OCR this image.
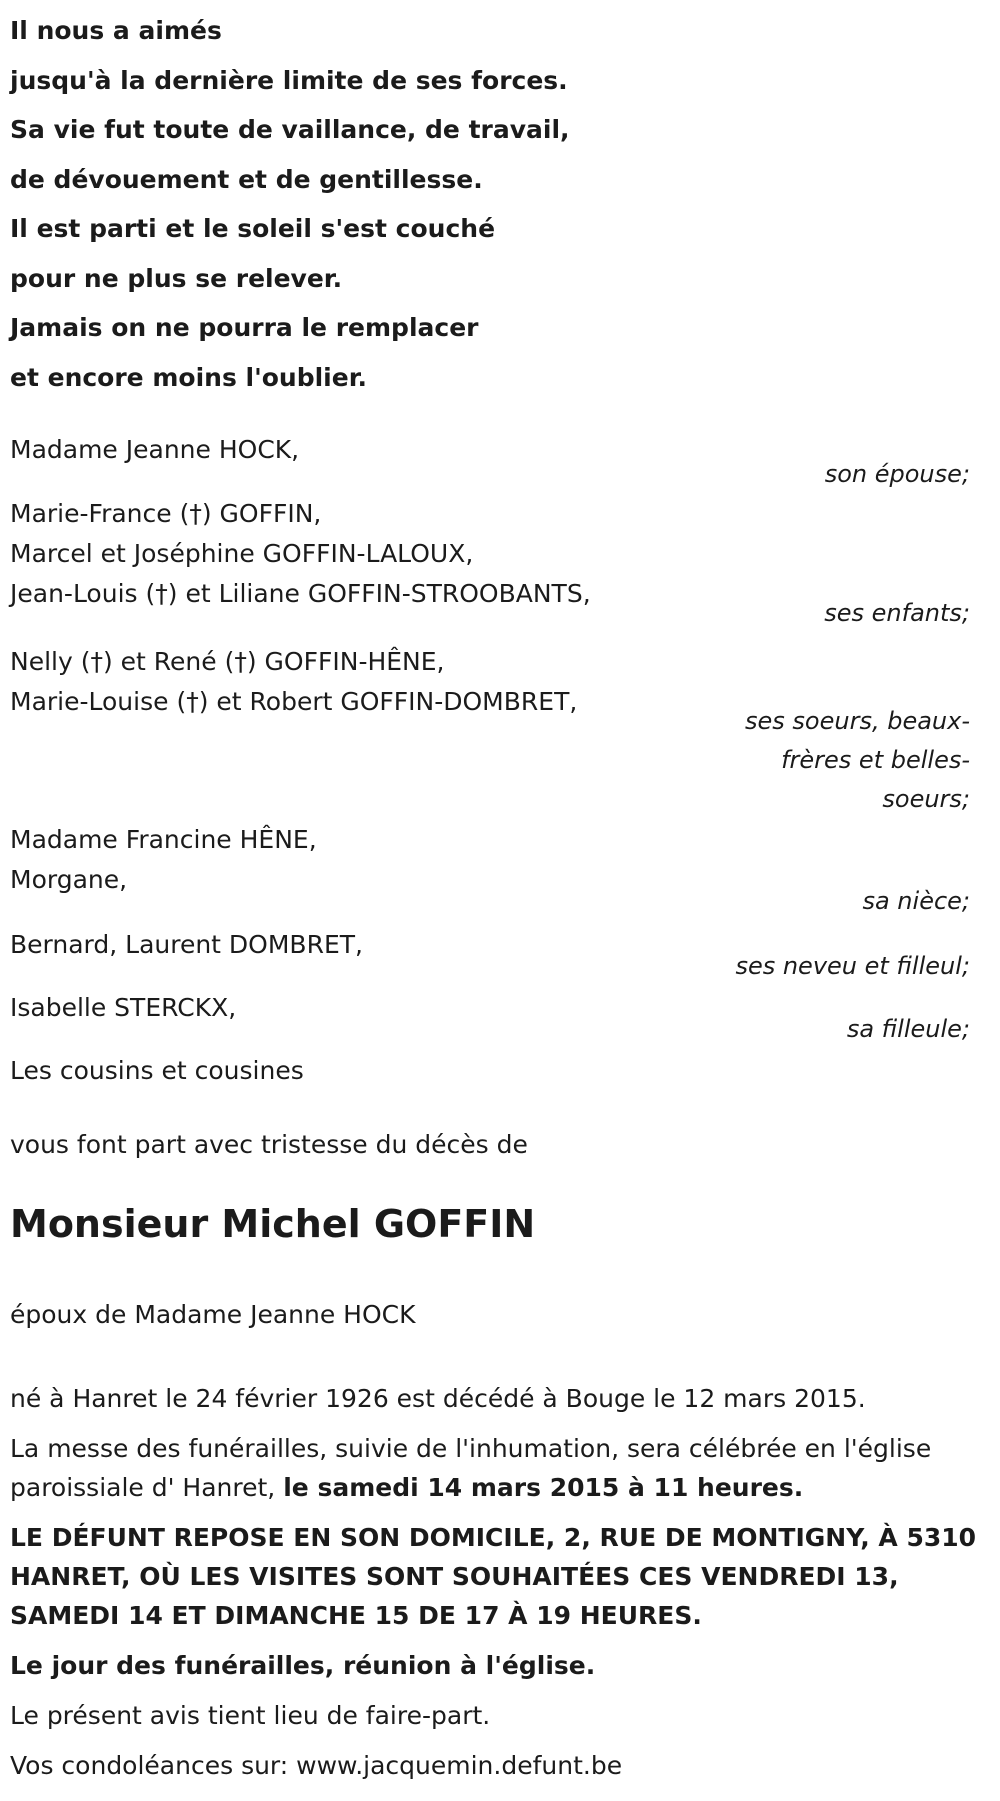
Il nous a aimés
jusqu'à la dernière limite de ses forces.
Sa vie fut toute de vaillance, de travail,
de dévouement et de gentillesse.
Il est parti et le soleil s'est couché
pour ne plus se relever.
Jamais on ne pourra le remplacer
et encore moins l'oublier.
Madame Jeanne HOCK,
son épouse;
Marie-France (†) GOFFIN,
Marcel et Joséphine GOFFIN-LALOUX,
Jean-Louis (†) et Liliane GOFFIN-STROOBANTS,
ses enfants;
Nelly (†) et René (†) GOFFIN-HÊNE,
Marie-Louise (†) et Robert GOFFIN-DOMBRET,
ses soeurs, beaux-
frères et belles-
soeurs;
Madame Francine HÊNE,
Morgane,
sa nièce;
Bernard, Laurent DOMBRET,
ses neveu et filleul;
Isabelle STERCKX,
sa filleule;
Les cousins et cousines
vous font part avec tristesse du décès de
Monsieur Michel GOFFIN
époux de Madame Jeanne HOCK

né à Hanret le 24 février 1926 est décédé à Bouge le 12 mars 2015.

La messe des funérailles, suivie de l'inhumation, sera célébrée en l'église paroissiale d' Hanret, le samedi 14 mars 2015 à 11 heures.

LE DÉFUNT REPOSE EN SON DOMICILE, 2, RUE DE MONTIGNY, À 5310 HANRET, OÙ LES VISITES SONT SOUHAITÉES CES VENDREDI 13, SAMEDI 14 ET DIMANCHE 15 DE 17 À 19 HEURES.

Le jour des funérailles, réunion à l'église.

Le présent avis tient lieu de faire-part.

Vos condoléances sur: www.jacquemin.defunt.be
